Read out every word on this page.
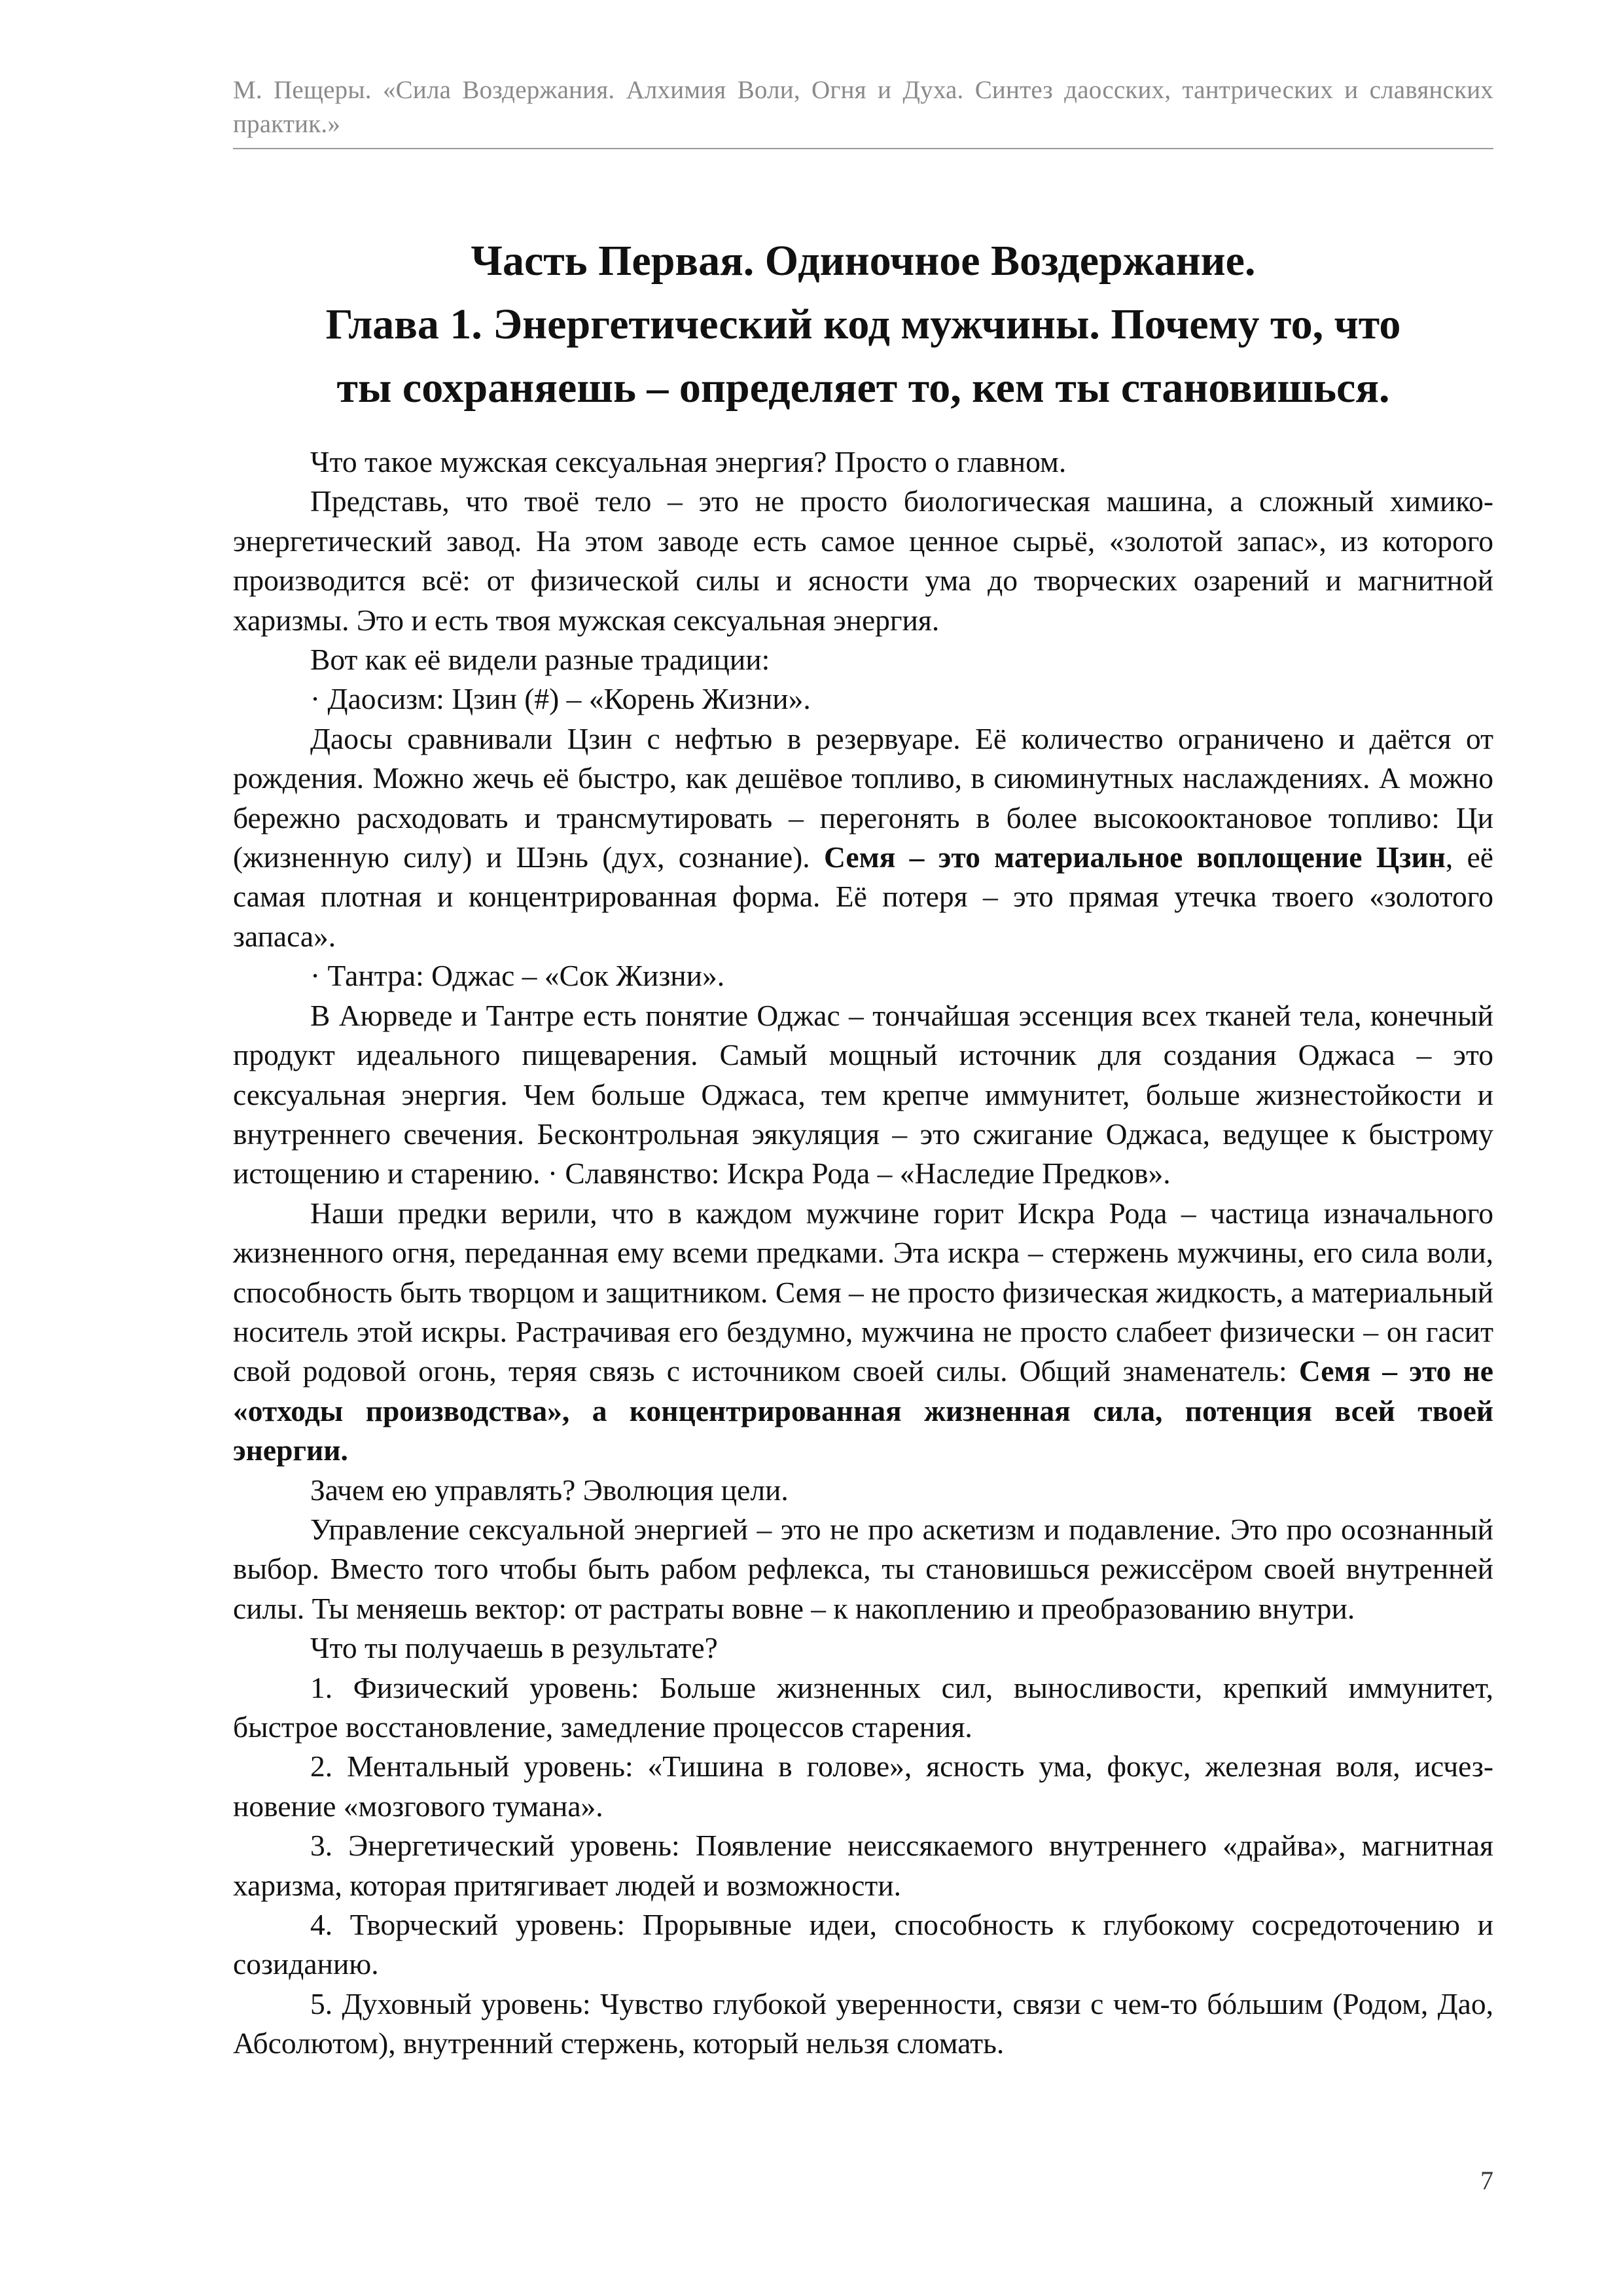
М. Пещеры. «Сила Воздержания. Алхимия Воли, Огня и Духа. Синтез даосских, тантрических и славянских практик.»
Часть Первая. Одиночное Воздержание.
Глава 1. Энергетический код мужчины. Почему то, что
ты сохраняешь – определяет то, кем ты становишься.

Что такое мужская сексуальная энергия? Просто о главном.

Представь, что твоё тело – это не просто биологическая машина, а сложный химико-энергетический завод. На этом заводе есть самое ценное сырьё, «золотой запас», из которого производится всё: от физической силы и ясности ума до творческих озарений и магнитной харизмы. Это и есть твоя мужская сексуальная энергия.

Вот как её видели разные традиции:

· Даосизм: Цзин (#) – «Корень Жизни».

Даосы сравнивали Цзин с нефтью в резервуаре. Её количество ограничено и даётся от рождения. Можно жечь её быстро, как дешёвое топливо, в сиюминутных наслаждениях. А можно бережно расходовать и трансмутировать – перегонять в более высокооктановое топливо: Ци (жизненную силу) и Шэнь (дух, сознание). Семя – это материальное воплощение Цзин, её самая плотная и концентрированная форма. Её потеря – это прямая утечка твоего «золотого запаса».

· Тантра: Оджас – «Сок Жизни».

В Аюрведе и Тантре есть понятие Оджас – тончайшая эссенция всех тканей тела, конечный продукт идеального пищеварения. Самый мощный источник для создания Оджаса – это сексуальная энергия. Чем больше Оджаса, тем крепче иммунитет, больше жизнестойкости и внутреннего свечения. Бесконтрольная эякуляция – это сжигание Оджаса, ведущее к быстрому истощению и старению. · Славянство: Искра Рода – «Наследие Предков».

Наши предки верили, что в каждом мужчине горит Искра Рода – частица изначального жизненного огня, переданная ему всеми предками. Эта искра – стержень мужчины, его сила воли, способность быть творцом и защитником. Семя – не просто физическая жидкость, а материальный носитель этой искры. Растрачивая его бездумно, мужчина не просто слабеет физически – он гасит свой родовой огонь, теряя связь с источником своей силы. Общий знаменатель: Семя – это не «отходы производства», а концентрированная жизненная сила, потенция всей твоей энергии.

Зачем ею управлять? Эволюция цели.

Управление сексуальной энергией – это не про аскетизм и подавление. Это про осознанный выбор. Вместо того чтобы быть рабом рефлекса, ты становишься режиссёром своей внутренней силы. Ты меняешь вектор: от растраты вовне – к накоплению и преобразованию внутри.

Что ты получаешь в результате?

1. Физический уровень: Больше жизненных сил, выносливости, крепкий иммунитет, быстрое восстановление, замедление процессов старения.

2. Ментальный уровень: «Тишина в голове», ясность ума, фокус, железная воля, исчезновение «мозгового тумана».

3. Энергетический уровень: Появление неиссякаемого внутреннего «драйва», магнитная харизма, которая притягивает людей и возможности.

4. Творческий уровень: Прорывные идеи, способность к глубокому сосредоточению и созиданию.

5. Духовный уровень: Чувство глубокой уверенности, связи с чем-то бóльшим (Родом, Дао, Абсолютом), внутренний стержень, который нельзя сломать.

7
